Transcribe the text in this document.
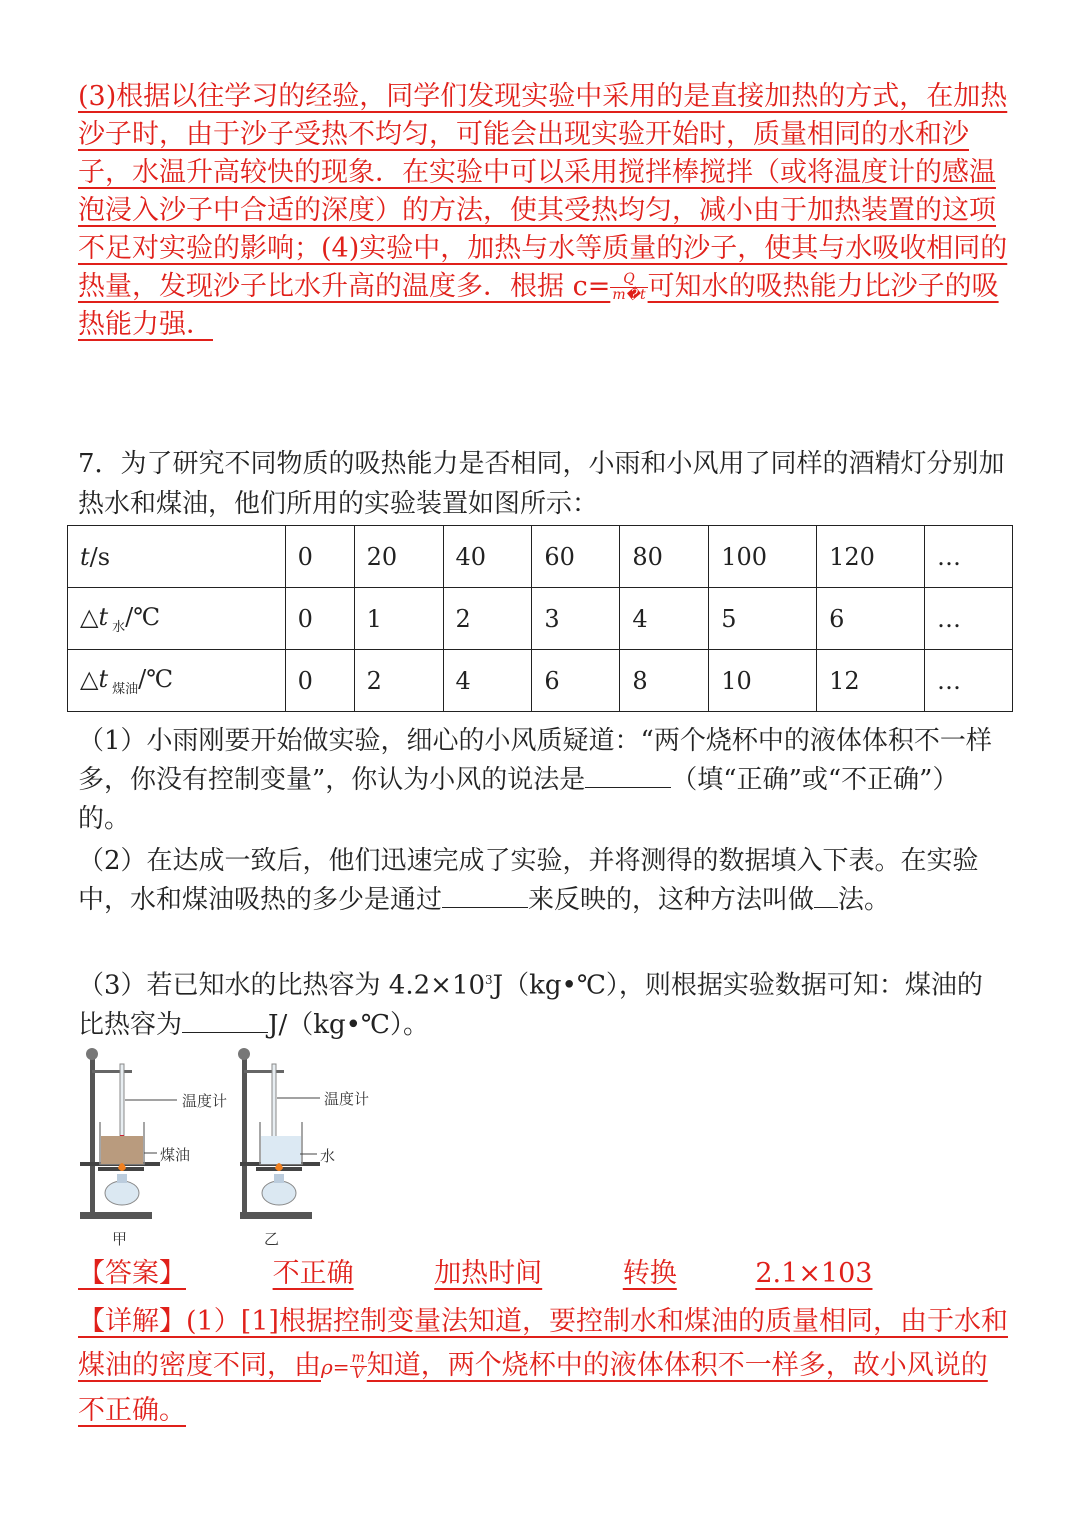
(3)根据以往学习的经验，同学们发现实验中采用的是直接加热的方式，在加热沙子时，由于沙子受热不均匀，可能会出现实验开始时，质量相同的水和沙子，水温升高较快的现象．在实验中可以采用搅拌棒搅拌（或将温度计的感温泡浸入沙子中合适的深度）的方法，使其受热均匀，减小由于加热装置的这项不足对实验的影响；(4)实验中，加热与水等质量的沙子，使其与水吸收相同的热量，发现沙子比水升高的温度多．根据 $c= \frac{Q}{m�t}$ 可知水的吸热能力比沙子的吸热能力强．
7．为了研究不同物质的吸热能力是否相同，小雨和小风用了同样的酒精灯分别加热水和煤油，他们所用的实验装置如图所示：
t/s	0	20	40	60	80	100	120	…
△t $_水$/℃	0	1	2	3	4	5	6	…
△t $_{煤油}$/℃	0	2	4	6	8	10	12	…
（1）小雨刚要开始做实验，细心的小风质疑道：“两个烧杯中的液体体积不一样多，你没有控制变量”，你认为小风的说法是	（填“正确”或“不正确”）的。
（2）在达成一致后，他们迅速完成了实验，并将测得的数据填入下表。在实验中，水和煤油吸热的多少是通过	来反映的，这种方法叫做 法。
（3）若已知水的比热容为 $4.2\times 10^3J(kg•℃)$，则根据实验数据可知：煤油的比热容为	J/（kg•℃）。
温度计
煤油
甲
温度计
水
乙
【答案】	不正确	加热时间	转换	2.1×103
【详解】(1）[1]根据控制变量法知道，要控制水和煤油的质量相同，由于水和煤油的密度不同，由$\rho= \frac{m}{V}$ 知道，两个烧杯中的液体体积不一样多，故小风说的不正确。
